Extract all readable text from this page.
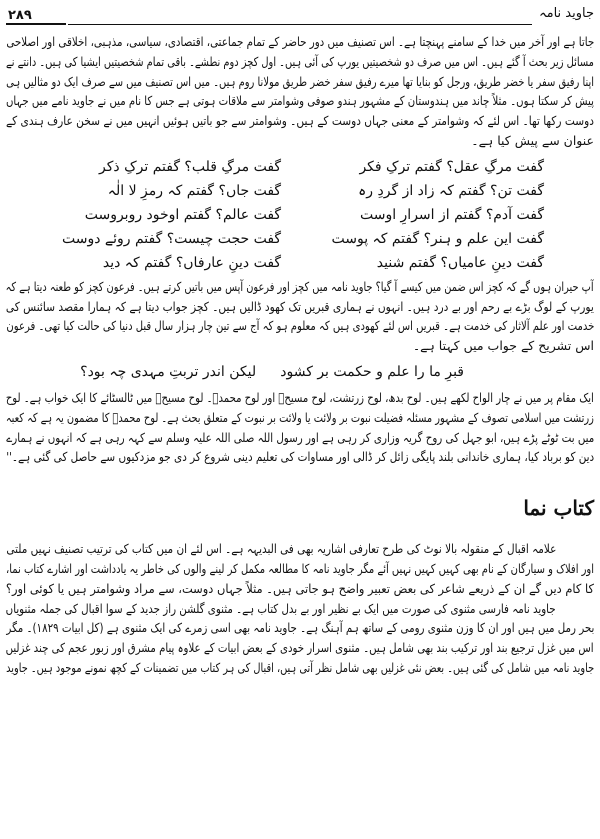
۲۸۹	جاوید نامہ
جاتا ہے اور آخر میں خدا کے سامنے پہنچتا ہے۔ اس تصنیف میں دور حاضر کے تمام جماعتی، اقتصادی، سیاسی، مذہبی، اخلاقی اور اصلاحی
مسائل زیر بحث آ گئے ہیں۔ اس میں صرف دو شخصیتیں یورپ کی آئی ہیں۔ اول کچز دوم نطشے۔ باقی تمام شخصیتیں ایشیا کی ہیں۔ دانتے نے
اپنا رفیق سفر یا خضر طریق، ورجل کو بنایا تھا میرے رفیق سفر خضر طریق مولانا روم ہیں۔ میں اس تصنیف میں سے صرف ایک دو مثالیں ہی
پیش کر سکتا ہوں۔ مثلاً چاند میں ہندوستان کے مشہور ہندو صوفی وشوامتر سے ملاقات ہوتی ہے جس کا نام میں نے جاوید نامے میں جہاں
دوست رکھا تھا۔ اس لئے کہ وشوامتر کے معنی جہاں دوست کے ہیں۔ وشوامتر سے جو باتیں ہوئیں انہیں میں نے سخن عارف ہندی کے
عنوان سے پیش کیا ہے۔
گفت مرگِ عقل؟ گفتم ترکِ فکر
گفت مرگِ قلب؟ گفتم ترکِ ذکر
گفت تن؟ گفتم کہ زاد از گردِ رہ
گفت جاں؟ گفتم کہ رمزِ لا الٰہ
گفت آدم؟ گفتم از اسرارِ اوست
گفت عالم؟ گفتم اوخود روبروست
گفت این علم و ہنر؟ گفتم کہ پوست
گفت حجت چیست؟ گفتم روئے دوست
گفت دینِ عامیاں؟ گفتم شنید
گفت دینِ عارفاں؟ گفتم کہ دید
آپ حیران ہوں گے کہ کچز اس ضمن میں کیسے آ گیا؟ جاوید نامہ میں کچز اور فرعون آپس میں باتیں کرتے ہیں۔ فرعون کچز کو طعنہ دیتا ہے کہ
یورپ کے لوگ بڑے بے رحم اور بے درد ہیں۔ انہوں نے ہماری قبریں تک کھود ڈالیں ہیں۔ کچز جواب دیتا ہے کہ ہمارا مقصد سائنس کی
خدمت اور علم آلاثار کی خدمت ہے۔ قبریں اس لئے کھودی ہیں کہ معلوم ہو کہ آج سے تین چار ہزار سال قبل دنیا کی حالت کیا تھی۔ فرعون
اس تشریح کے جواب میں کہتا ہے۔
قبرِ ما را علم و حکمت بر کشود
لیکن اندر تربتِ مہدی چہ بود؟
ایک مقام پر میں نے چار الواح لکھے ہیں۔ لوح بدھ، لوح زرتشت، لوح مسیحؑ اور لوح محمدؐ۔ لوح مسیحؑ میں ٹالسٹائے کا ایک خواب ہے۔ لوح
زرتشت میں اسلامی تصوف کے مشہور مسئلہ فضیلت نبوت بر ولائت یا ولائت بر نبوت کے متعلق بحث ہے۔ لوح محمدؐ کا مضمون یہ ہے کہ کعبہ
میں بت ٹوٹے پڑے ہیں، ابو جہل کی روح گریہ وزاری کر رہی ہے اور رسول اللہ صلی اللہ علیہ وسلم سے کہہ رہی ہے کہ انہوں نے ہمارے
دین کو برباد کیا، ہماری خاندانی بلند پایگی زائل کر ڈالی اور مساوات کی تعلیم دینی شروع کر دی جو مزدکیوں سے حاصل کی گئی ہے۔''
کتاب نما
علامہ اقبال کے منقولہ بالا نوٹ کی طرح تعارفی اشاریہ بھی فی البدیہہ ہے۔ اس لئے ان میں کتاب کی ترتیب تصنیف نہیں ملتی
اور افلاک و سیارگان کے نام بھی کہیں کہیں نہیں آئے مگر جاوید نامہ کا مطالعہ مکمل کر لینے والوں کی خاطر یہ یادداشت اور اشارے کتاب نما،
کا کام دیں گے ان کے ذریعے شاعر کی بعض تعبیر واضح ہو جاتی ہیں۔ مثلاً جہاں دوست، سے مراد وشوامتر ہیں یا کوئی اور؟
جاوید نامہ فارسی مثنوی کی صورت میں ایک بے نظیر اور بے بدل کتاب ہے۔ مثنوی گلشن راز جدید کے سوا اقبال کی جملہ مثنویاں
بحر رمل میں ہیں اور ان کا وزن مثنوی رومی کے ساتھ ہم آہنگ ہے۔ جاوید نامہ بھی اسی زمرے کی ایک مثنوی ہے (کل ابیات ۱۸۲۹)۔ مگر
اس میں غزل ترجیع بند اور ترکیب بند بھی شامل ہیں۔ مثنوی اسرار خودی کے بعض ابیات کے علاوہ پیام مشرق اور زبور عجم کی چند غزلیں
جاوید نامہ میں شامل کی گئی ہیں۔ بعض نئی غزلیں بھی شامل نظر آتی ہیں، اقبال کی ہر کتاب میں تضمینات کے کچھ نمونے موجود ہیں۔ جاوید
